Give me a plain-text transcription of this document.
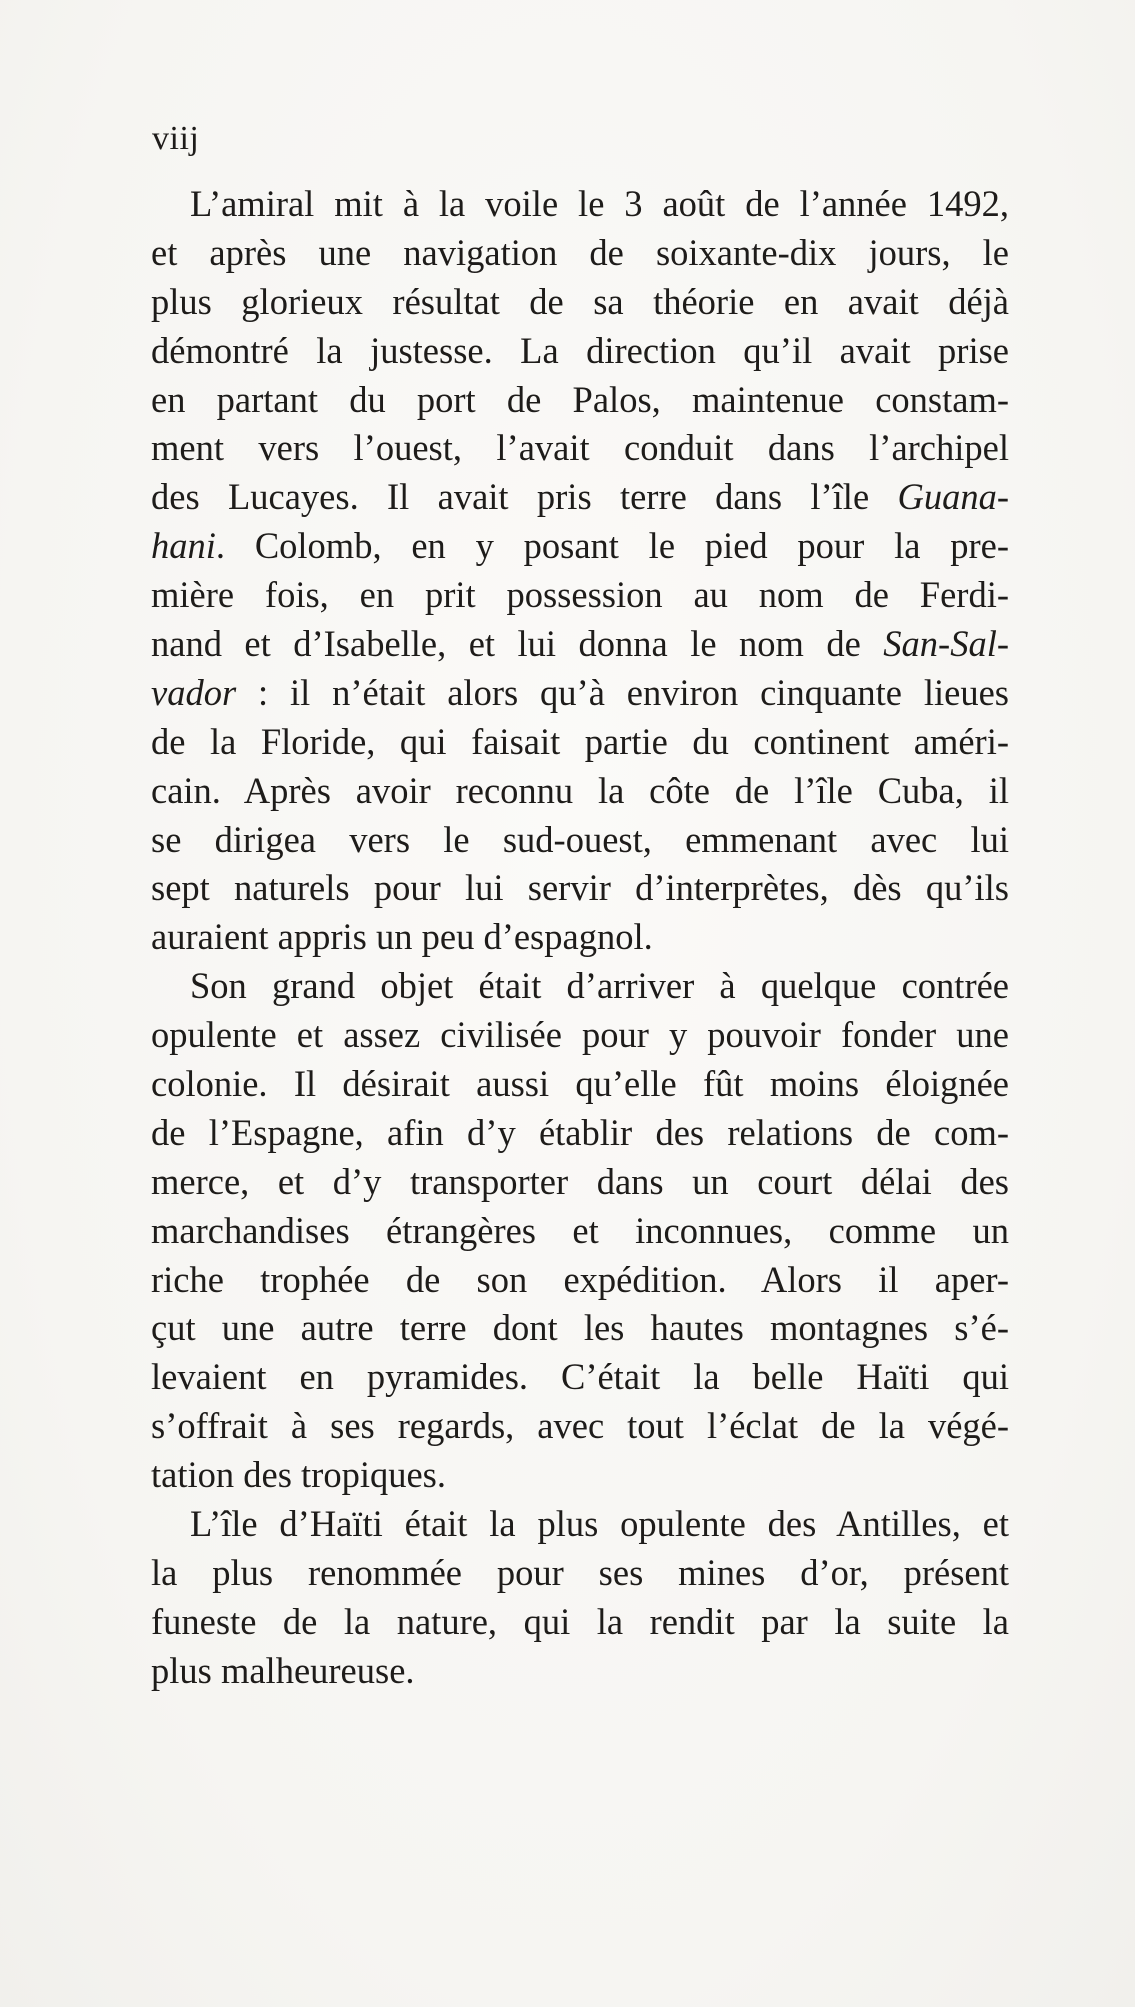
viij
L’amiral mit à la voile le 3 août de l’année 1492,
et après une navigation de soixante-dix jours, le
plus glorieux résultat de sa théorie en avait déjà
démontré la justesse. La direction qu’il avait prise
en partant du port de Palos, maintenue constam-
ment vers l’ouest, l’avait conduit dans l’archipel
des Lucayes. Il avait pris terre dans l’île Guana-
hani. Colomb, en y posant le pied pour la pre-
mière fois, en prit possession au nom de Ferdi-
nand et d’Isabelle, et lui donna le nom de San-Sal-
vador : il n’était alors qu’à environ cinquante lieues
de la Floride, qui faisait partie du continent améri-
cain. Après avoir reconnu la côte de l’île Cuba, il
se dirigea vers le sud-ouest, emmenant avec lui
sept naturels pour lui servir d’interprètes, dès qu’ils
auraient appris un peu d’espagnol.
Son grand objet était d’arriver à quelque contrée
opulente et assez civilisée pour y pouvoir fonder une
colonie. Il désirait aussi qu’elle fût moins éloignée
de l’Espagne, afin d’y établir des relations de com-
merce, et d’y transporter dans un court délai des
marchandises étrangères et inconnues, comme un
riche trophée de son expédition. Alors il aper-
çut une autre terre dont les hautes montagnes s’é-
levaient en pyramides. C’était la belle Haïti qui
s’offrait à ses regards, avec tout l’éclat de la végé-
tation des tropiques.
L’île d’Haïti était la plus opulente des Antilles, et
la plus renommée pour ses mines d’or, présent
funeste de la nature, qui la rendit par la suite la
plus malheureuse.
